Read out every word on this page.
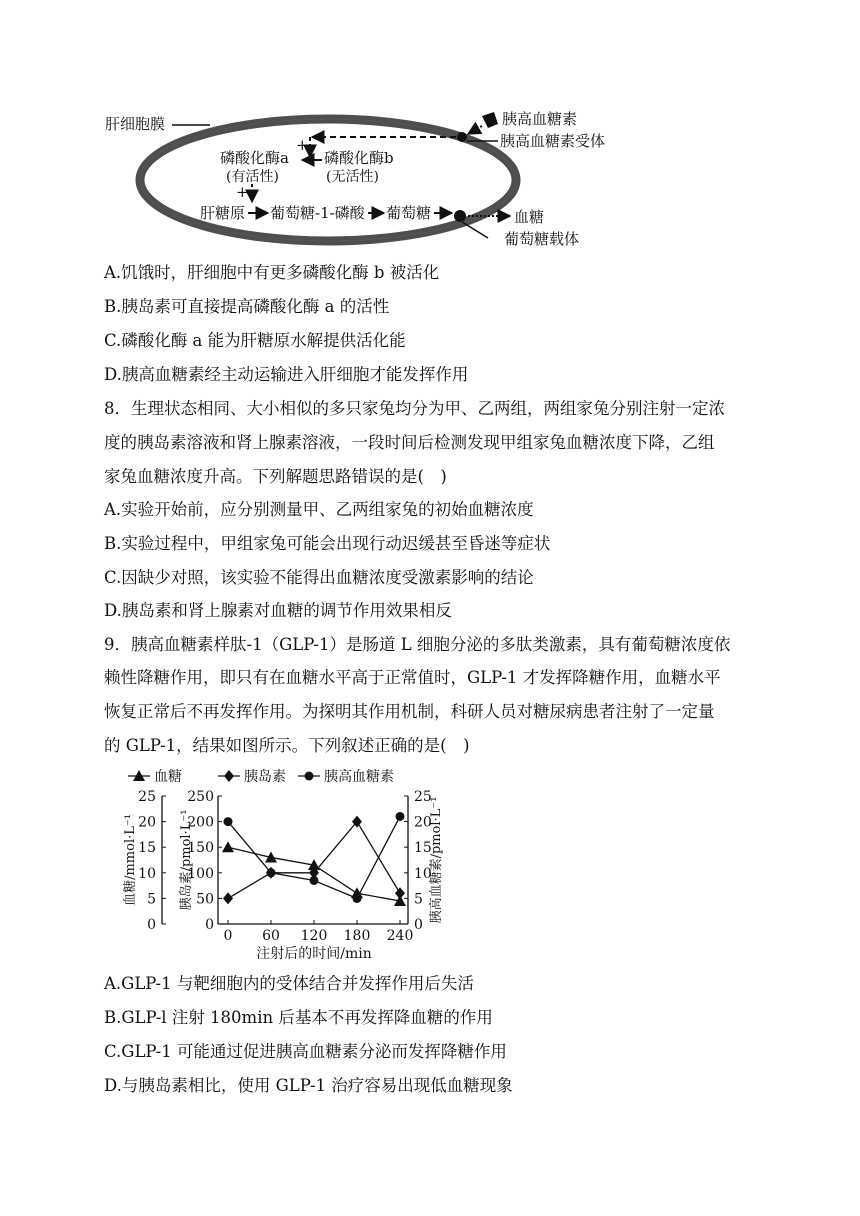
肝细胞膜	胰高血糖素
胰高血糖素受体
+
磷酸化酶a
(有活性)
磷酸化酶b
(无活性)
+
肝糖原 葡萄糖-1-磷酸 葡萄糖	血糖
葡萄糖载体
A.饥饿时，肝细胞中有更多磷酸化酶 b 被活化
B.胰岛素可直接提高磷酸化酶 a 的活性
C.磷酸化酶 a 能为肝糖原水解提供活化能
D.胰高血糖素经主动运输进入肝细胞才能发挥作用
8．生理状态相同、大小相似的多只家兔均分为甲、乙两组，两组家兔分别注射一定浓
度的胰岛素溶液和肾上腺素溶液，一段时间后检测发现甲组家兔血糖浓度下降，乙组
家兔血糖浓度升高。下列解题思路错误的是(　)
A.实验开始前，应分别测量甲、乙两组家兔的初始血糖浓度
B.实验过程中，甲组家兔可能会出现行动迟缓甚至昏迷等症状
C.因缺少对照，该实验不能得出血糖浓度受激素影响的结论
D.胰岛素和肾上腺素对血糖的调节作用效果相反
9．胰高血糖素样肽-1（GLP-1）是肠道 L 细胞分泌的多肽类激素，具有葡萄糖浓度依
赖性降糖作用，即只有在血糖水平高于正常值时，GLP-1 才发挥降糖作用，血糖水平
恢复正常后不再发挥作用。为探明其作用机制，科研人员对糖尿病患者注射了一定量
的 GLP-1，结果如图所示。下列叙述正确的是(　)
血糖	胰岛素	胰高血糖素
0
5
10
15
20
25
0
50
100
150
200
250
0
5
10
15
20
25
0 60 120 180 240
注射后的时间/min
血糖/mmol·L⁻¹	胰岛素/pmol·L⁻¹	胰高血糖素/pmol·L⁻¹
A.GLP-1 与靶细胞内的受体结合并发挥作用后失活
B.GLP-l 注射 180min 后基本不再发挥降血糖的作用
C.GLP-1 可能通过促进胰高血糖素分泌而发挥降糖作用
D.与胰岛素相比，使用 GLP-1 治疗容易出现低血糖现象
